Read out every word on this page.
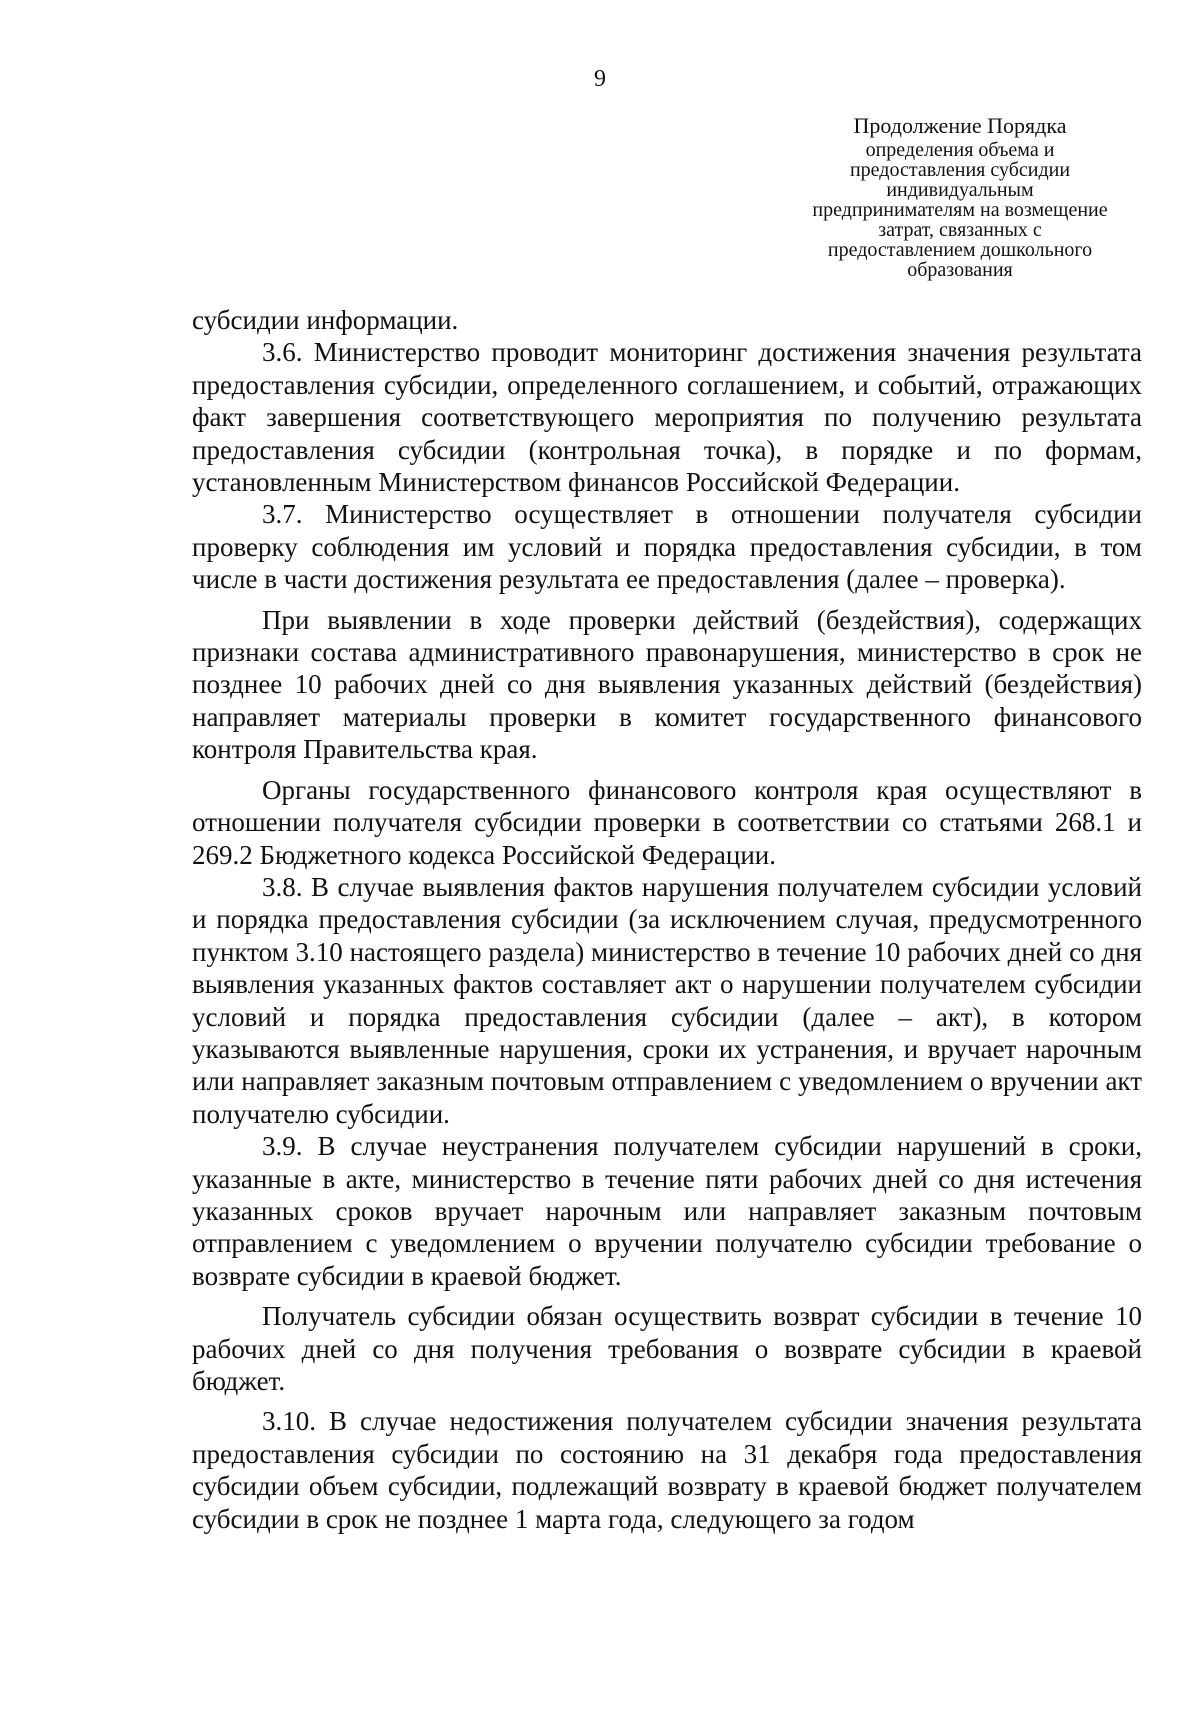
9
Продолжение Порядка
определения объема и
предоставления субсидии
индивидуальным
предпринимателям на возмещение
затрат, связанных с
предоставлением дошкольного
образования

субсидии информации.

3.6. Министерство проводит мониторинг достижения значения результата предоставления субсидии, определенного соглашением, и событий, отражающих факт завершения соответствующего мероприятия по получению результата предоставления субсидии (контрольная точка), в порядке и по формам, установленным Министерством финансов Российской Федерации.

3.7. Министерство осуществляет в отношении получателя субсидии проверку соблюдения им условий и порядка предоставления субсидии, в том числе в части достижения результата ее предоставления (далее – проверка).

При выявлении в ходе проверки действий (бездействия), содержащих признаки состава административного правонарушения, министерство в срок не позднее 10 рабочих дней со дня выявления указанных действий (бездействия) направляет материалы проверки в комитет государственного финансового контроля Правительства края.

Органы государственного финансового контроля края осуществляют в отношении получателя субсидии проверки в соответствии со статьями 268.1 и 269.2 Бюджетного кодекса Российской Федерации.

3.8. В случае выявления фактов нарушения получателем субсидии условий и порядка предоставления субсидии (за исключением случая, предусмотренного пунктом 3.10 настоящего раздела) министерство в течение 10 рабочих дней со дня выявления указанных фактов составляет акт о нарушении получателем субсидии условий и порядка предоставления субсидии (далее – акт), в котором указываются выявленные нарушения, сроки их устранения, и вручает нарочным или направляет заказным почтовым отправлением с уведомлением о вручении акт получателю субсидии.

3.9. В случае неустранения получателем субсидии нарушений в сроки, указанные в акте, министерство в течение пяти рабочих дней со дня истечения указанных сроков вручает нарочным или направляет заказным почтовым отправлением с уведомлением о вручении получателю субсидии требование о возврате субсидии в краевой бюджет.

Получатель субсидии обязан осуществить возврат субсидии в течение 10 рабочих дней со дня получения требования о возврате субсидии в краевой бюджет.

3.10. В случае недостижения получателем субсидии значения результата предоставления субсидии по состоянию на 31 декабря года предоставления субсидии объем субсидии, подлежащий возврату в краевой бюджет получателем субсидии в срок не позднее 1 марта года, следующего за годом
